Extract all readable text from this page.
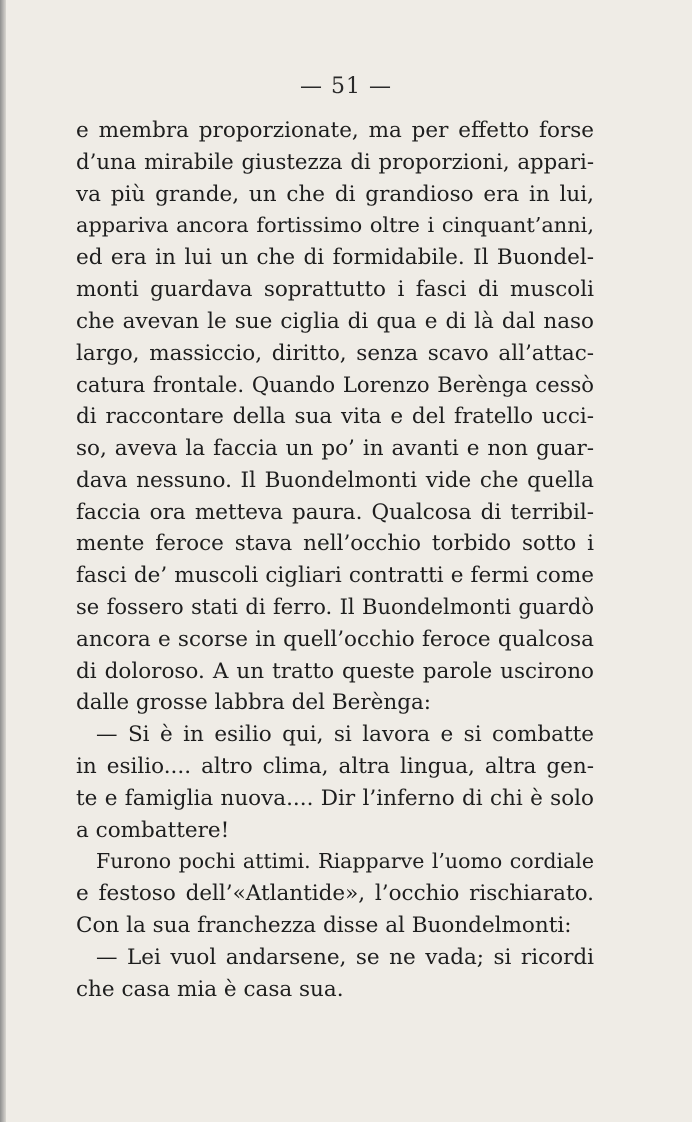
— 51 —
e membra proporzionate, ma per effetto forse
d’una mirabile giustezza di proporzioni, appari-
va più grande, un che di grandioso era in lui,
appariva ancora fortissimo oltre i cinquant’anni,
ed era in lui un che di formidabile. Il Buondel-
monti guardava soprattutto i fasci di muscoli
che avevan le sue ciglia di qua e di là dal naso
largo, massiccio, diritto, senza scavo all’attac-
catura frontale. Quando Lorenzo Berènga cessò
di raccontare della sua vita e del fratello ucci-
so, aveva la faccia un po’ in avanti e non guar-
dava nessuno. Il Buondelmonti vide che quella
faccia ora metteva paura. Qualcosa di terribil-
mente feroce stava nell’occhio torbido sotto i
fasci de’ muscoli cigliari contratti e fermi come
se fossero stati di ferro. Il Buondelmonti guardò
ancora e scorse in quell’occhio feroce qualcosa
di doloroso. A un tratto queste parole uscirono
dalle grosse labbra del Berènga:
— Si è in esilio qui, si lavora e si combatte
in esilio.... altro clima, altra lingua, altra gen-
te e famiglia nuova.... Dir l’inferno di chi è solo
a combattere!
Furono pochi attimi. Riapparve l’uomo cordiale
e festoso dell’«Atlantide», l’occhio rischiarato.
Con la sua franchezza disse al Buondelmonti:
— Lei vuol andarsene, se ne vada; si ricordi
che casa mia è casa sua.
